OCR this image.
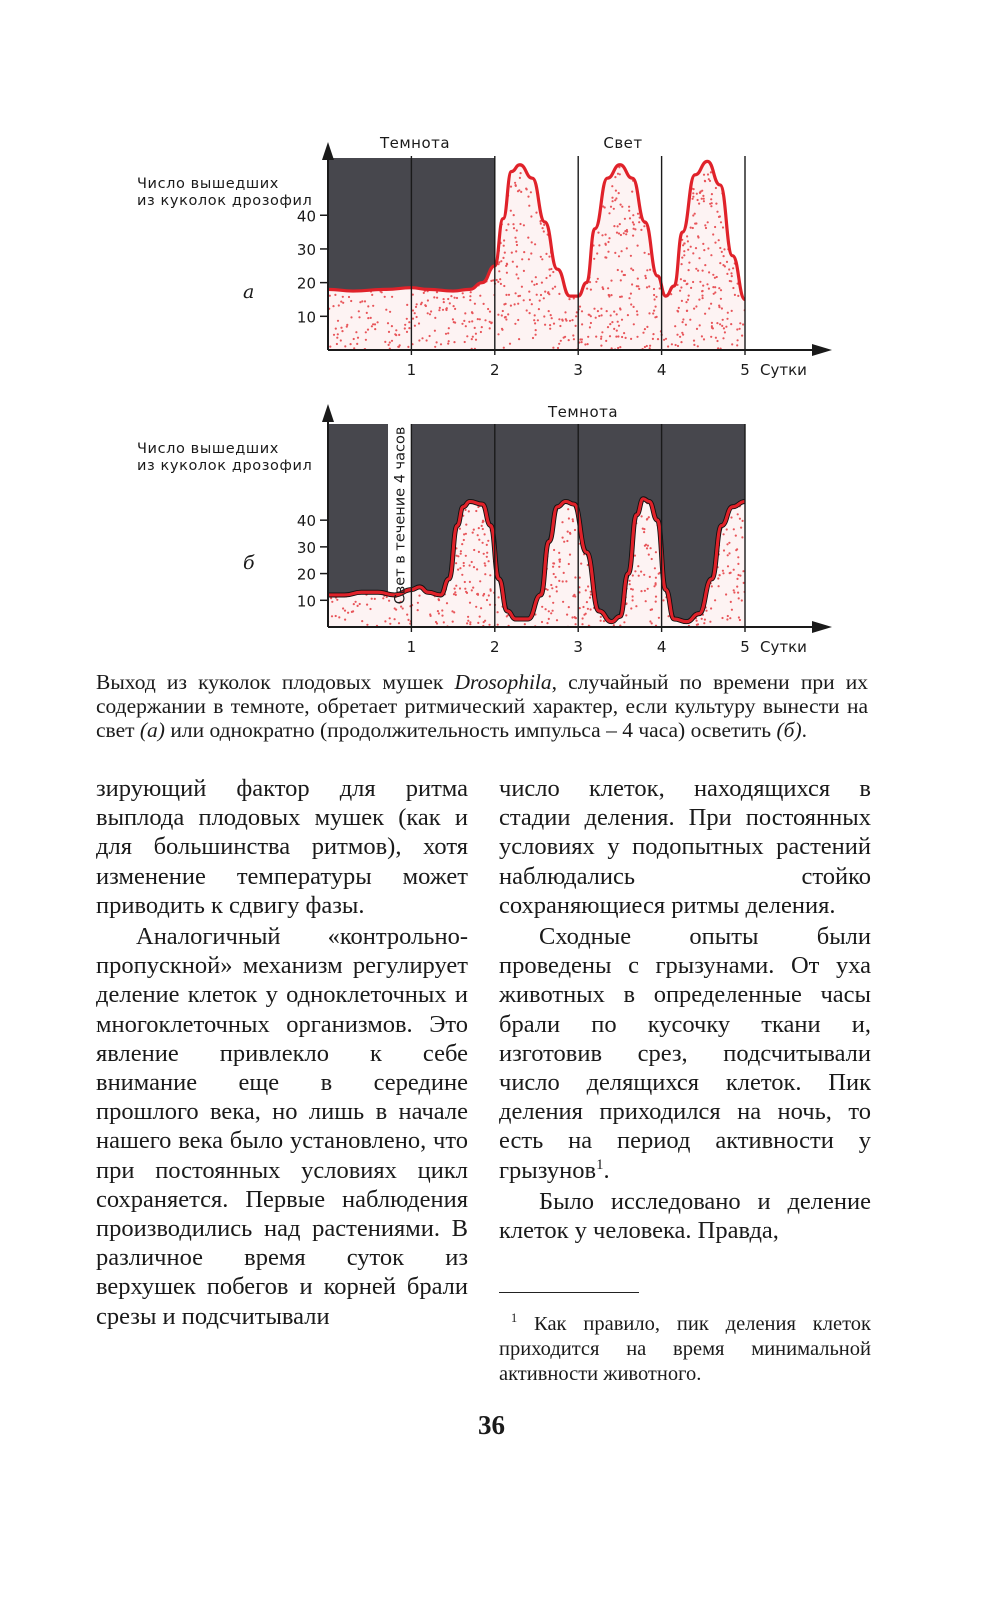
1	2	3	4	5
10
20
30
40
Сутки
Число вышедших
из куколок дрозофил
а
Темнота	Свет
1	2	3	4	5
10
20
30
40
Сутки
Число вышедших
из куколок дрозофил
б	Свет в течение 4 часов
Темнота

Выход из куколок плодовых мушек Drosophila, случайный по времени при их содержании в темноте, обретает ритмический характер, если культуру вынести на свет (а) или однократно (продолжительность импульса – 4 часа) осветить (б).

зирующий фактор для ритма выплода плодовых мушек (как и для большинства ритмов), хотя изменение температуры может приводить к сдвигу фазы.

Аналогичный «контрольно-пропускной» механизм регулирует деление клеток у одноклеточных и многоклеточных организмов. Это явление привлекло к себе внимание еще в середине прошлого века, но лишь в начале нашего века было установлено, что при постоянных условиях цикл сохраняется. Первые наблюдения производились над растениями. В различное время суток из верхушек побегов и корней брали срезы и подсчитывали

число клеток, находящихся в стадии деления. При постоянных условиях у подопытных растений наблюдались стойко сохраняющиеся ритмы деления.

Сходные опыты были проведены с грызунами. От уха животных в определенные часы брали по кусочку ткани и, изготовив срез, подсчитывали число делящихся клеток. Пик деления приходился на ночь, то есть на период активности у грызунов$^1$.

Было исследовано и деление клеток у человека. Правда,

$^1$ Как правило, пик деления клеток приходится на время минимальной активности животного.

36
